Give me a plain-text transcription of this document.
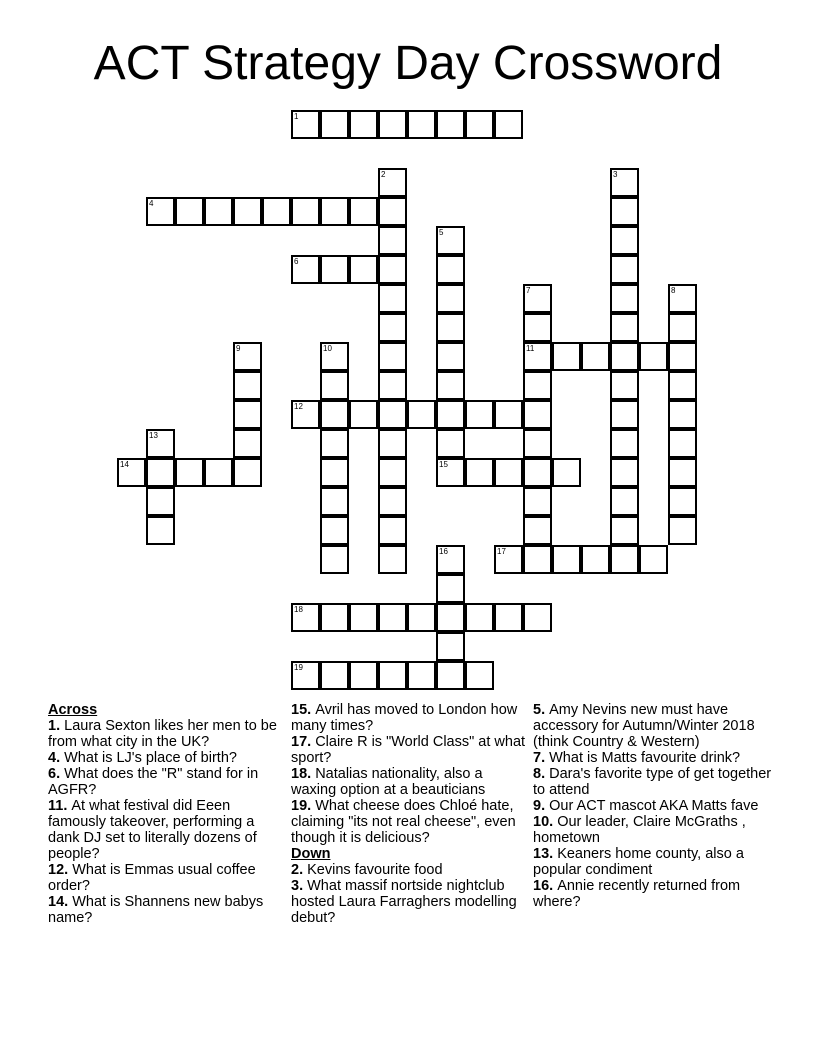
ACT Strategy Day Crossword
1
2	3
4
5
15
6
7
11
8
9	10
12
13
14
16	17
18
19
Across
1. Laura Sexton likes her men to be from what city in the UK?
4. What is LJ's place of birth?
6. What does the "R" stand for in AGFR?
11. At what festival did Eeen famously takeover, performing a dank DJ set to literally dozens of people?
12. What is Emmas usual coffee order?
14. What is Shannens new babys name?
15. Avril has moved to London how many times?
17. Claire R is "World Class" at what sport?
18. Natalias nationality, also a waxing option at a beauticians
19. What cheese does Chloé hate, claiming "its not real cheese", even though it is delicious?
Down
2. Kevins favourite food
3. What massif nortside nightclub hosted Laura Farraghers modelling debut?
5. Amy Nevins new must have accessory for Autumn/Winter 2018 (think Country & Western)
7. What is Matts favourite drink?
8. Dara's favorite type of get together to attend
9. Our ACT mascot AKA Matts fave
10. Our leader, Claire McGraths , hometown
13. Keaners home county, also a popular condiment
16. Annie recently returned from where?
